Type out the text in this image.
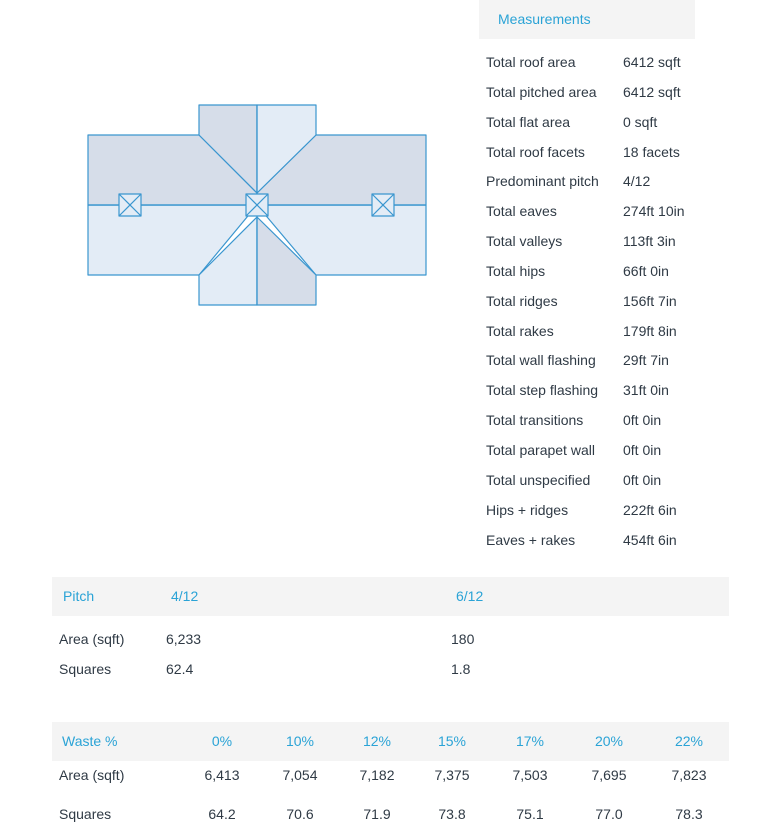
Measurements
Total roof area	6412 sqft
Total pitched area 6412 sqft
Total flat area	0 sqft
Total roof facets	18 facets
Predominant pitch 4/12
Total eaves	274ft 10in
Total valleys	113ft 3in
Total hips	66ft 0in
Total ridges	156ft 7in
Total rakes	179ft 8in
Total wall flashing 29ft 7in
Total step flashing 31ft 0in
Total transitions	0ft 0in
Total parapet wall 0ft 0in
Total unspecified 0ft 0in
Hips + ridges	222ft 6in
Eaves + rakes	454ft 6in
Pitch	4/12	6/12
Area (sqft)	6,233	180
Squares	62.4	1.8
Waste %	0%	10%	12%	15%	17%	20%	22%
Area (sqft)	6,413	7,054	7,182	7,375	7,503	7,695	7,823
Squares	64.2	70.6	71.9	73.8	75.1	77.0	78.3
